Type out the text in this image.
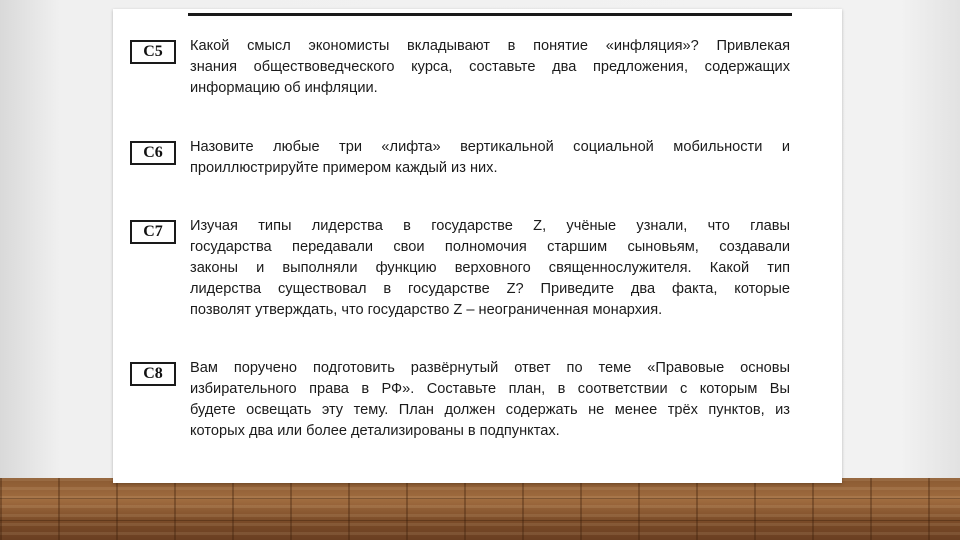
С5	Какой смысл экономисты вкладывают в понятие «инфляция»? Привлекая
знания обществоведческого курса, составьте два предложения, содержащих
информацию об инфляции.
С6	Назовите любые три «лифта» вертикальной социальной мобильности и
проиллюстрируйте примером каждый из них.
С7	Изучая типы лидерства в государстве Z, учёные узнали, что главы
государства передавали свои полномочия старшим сыновьям, создавали
законы и выполняли функцию верховного священнослужителя. Какой тип
лидерства существовал в государстве Z? Приведите два факта, которые
позволят утверждать, что государство Z – неограниченная монархия.
С8	Вам поручено подготовить развёрнутый ответ по теме «Правовые основы
избирательного права в РФ». Составьте план, в соответствии с которым Вы
будете освещать эту тему. План должен содержать не менее трёх пунктов, из
которых два или более детализированы в подпунктах.
